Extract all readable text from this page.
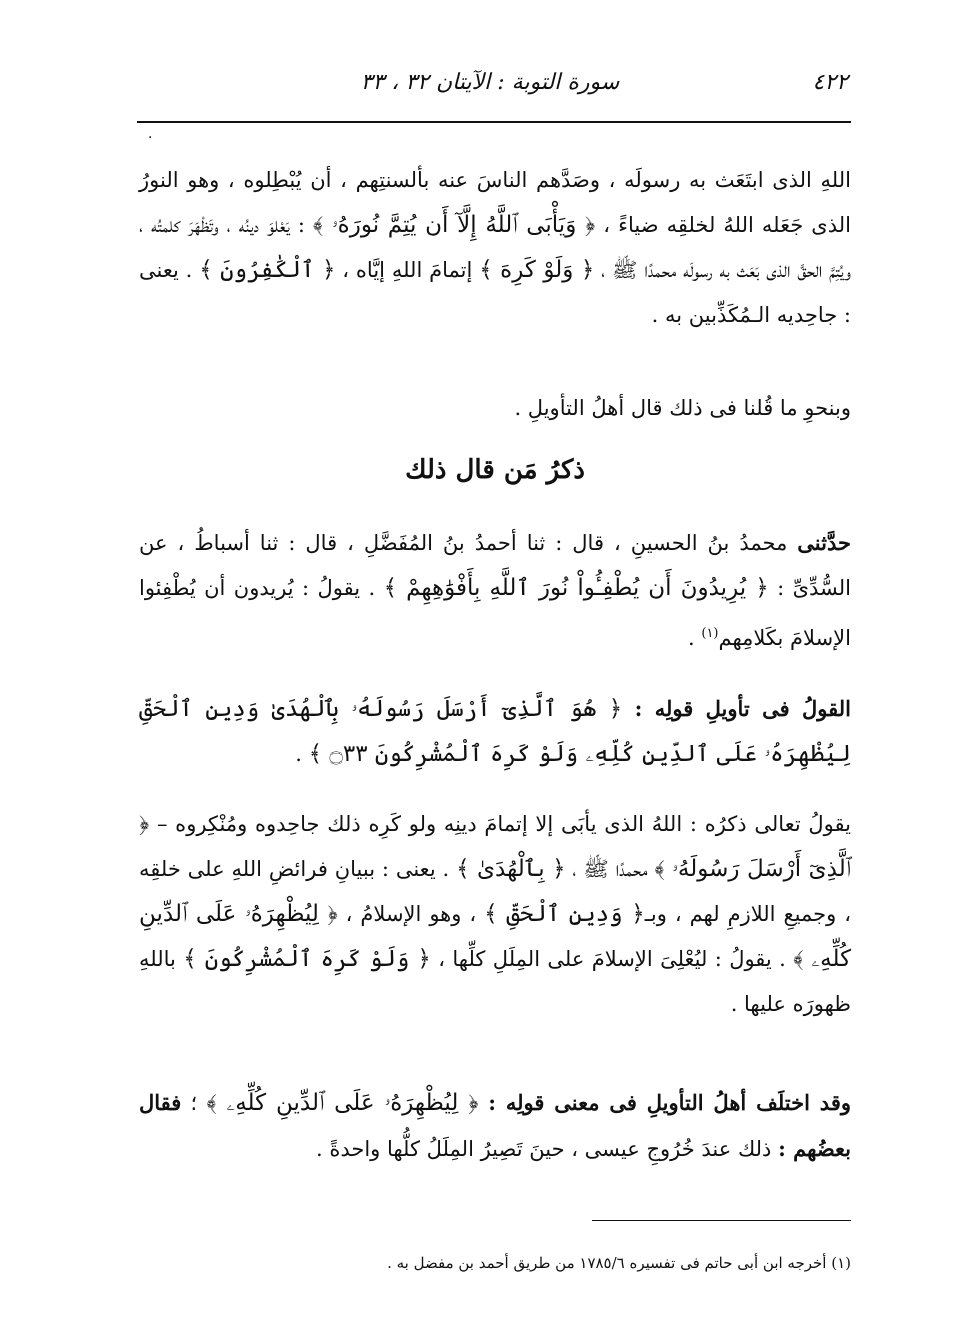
سورة التوبة : الآيتان ٣٢ ، ٣٣	٤٢٢
·
اللهِ الذى ابتَعَث به رسولَه ، وصَدَّهم الناسَ عنه بألسنتِهم ، أن يُبْطِلوه ، وهو النورُ الذى جَعَله اللهُ لخلقِه ضياءً ، ﴿ وَيَأْبَى ٱللَّهُ إِلَّآ أَن يُتِمَّ نُورَهُۥ ﴾ : يَعْلوَ دينُه ، وتَظْهَرَ كلمتُه ، ويُتِمَّ الحقَّ الذى بَعَث به رسولَه محمدًا ﷺ ، ﴿ وَلَوْ كَرِهَ ﴾ إتمامَ اللهِ إيَّاه ، ﴿ ٱلْكَٰفِرُونَ ﴾ . يعنى : جاحِديه الـمُكَذِّبين به .
وبنحوِ ما قُلنا فى ذلك قال أهلُ التأويلِ .
ذكرُ مَن قال ذلك
حدَّثنى محمدُ بنُ الحسينِ ، قال : ثنا أحمدُ بنُ المُفَضَّلِ ، قال : ثنا أسباطُ ، عن السُّدِّىِّ : ﴿ يُرِيدُونَ أَن يُطْفِـُٔواْ نُورَ ٱللَّهِ بِأَفْوَٰهِهِمْ ﴾ . يقولُ : يُريدون أن يُطْفِئوا الإسلامَ بكَلامِهم$^{(١)}$ .
القولُ فى تأويلِ قولِه : ﴿ هُوَ ٱلَّذِىٓ أَرْسَلَ رَسُولَهُۥ بِٱلْهُدَىٰ وَدِينِ ٱلْحَقِّ لِيُظْهِرَهُۥ عَلَى ٱلدِّينِ كُلِّهِۦ وَلَوْ كَرِهَ ٱلْمُشْرِكُونَ ۝٣٣ ﴾ .
يقولُ تعالى ذكرُه : اللهُ الذى يأبَى إلا إتمامَ دينِه ولو كَرِه ذلك جاحِدوه ومُنْكِروه – ﴿ ٱلَّذِىٓ أَرْسَلَ رَسُولَهُۥ ﴾ محمدًا ﷺ ، ﴿ بِٱلْهُدَىٰ ﴾ . يعنى : ببيانِ فرائضِ اللهِ على خلقِه ، وجميعِ اللازمِ لهم ، وبـ﴿ وَدِينِ ٱلْحَقِّ ﴾ ، وهو الإسلامُ ، ﴿ لِيُظْهِرَهُۥ عَلَى ٱلدِّينِ كُلِّهِۦ ﴾ . يقولُ : ليُعْلِىَ الإسلامَ على المِلَلِ كلِّها ، ﴿ وَلَوْ كَرِهَ ٱلْمُشْرِكُونَ ﴾ باللهِ ظهورَه عليها .
وقد اختلَف أهلُ التأويلِ فى معنى قولِه : ﴿ لِيُظْهِرَهُۥ عَلَى ٱلدِّينِ كُلِّهِۦ ﴾ ؛ فقال بعضُهم : ذلك عندَ خُرُوجِ عيسى ، حينَ تَصِيرُ المِلَلُ كلُّها واحدةً .
(١) أخرجه ابن أبى حاتم فى تفسيره ١٧٨٥/٦ من طريق أحمد بن مفضل به .
